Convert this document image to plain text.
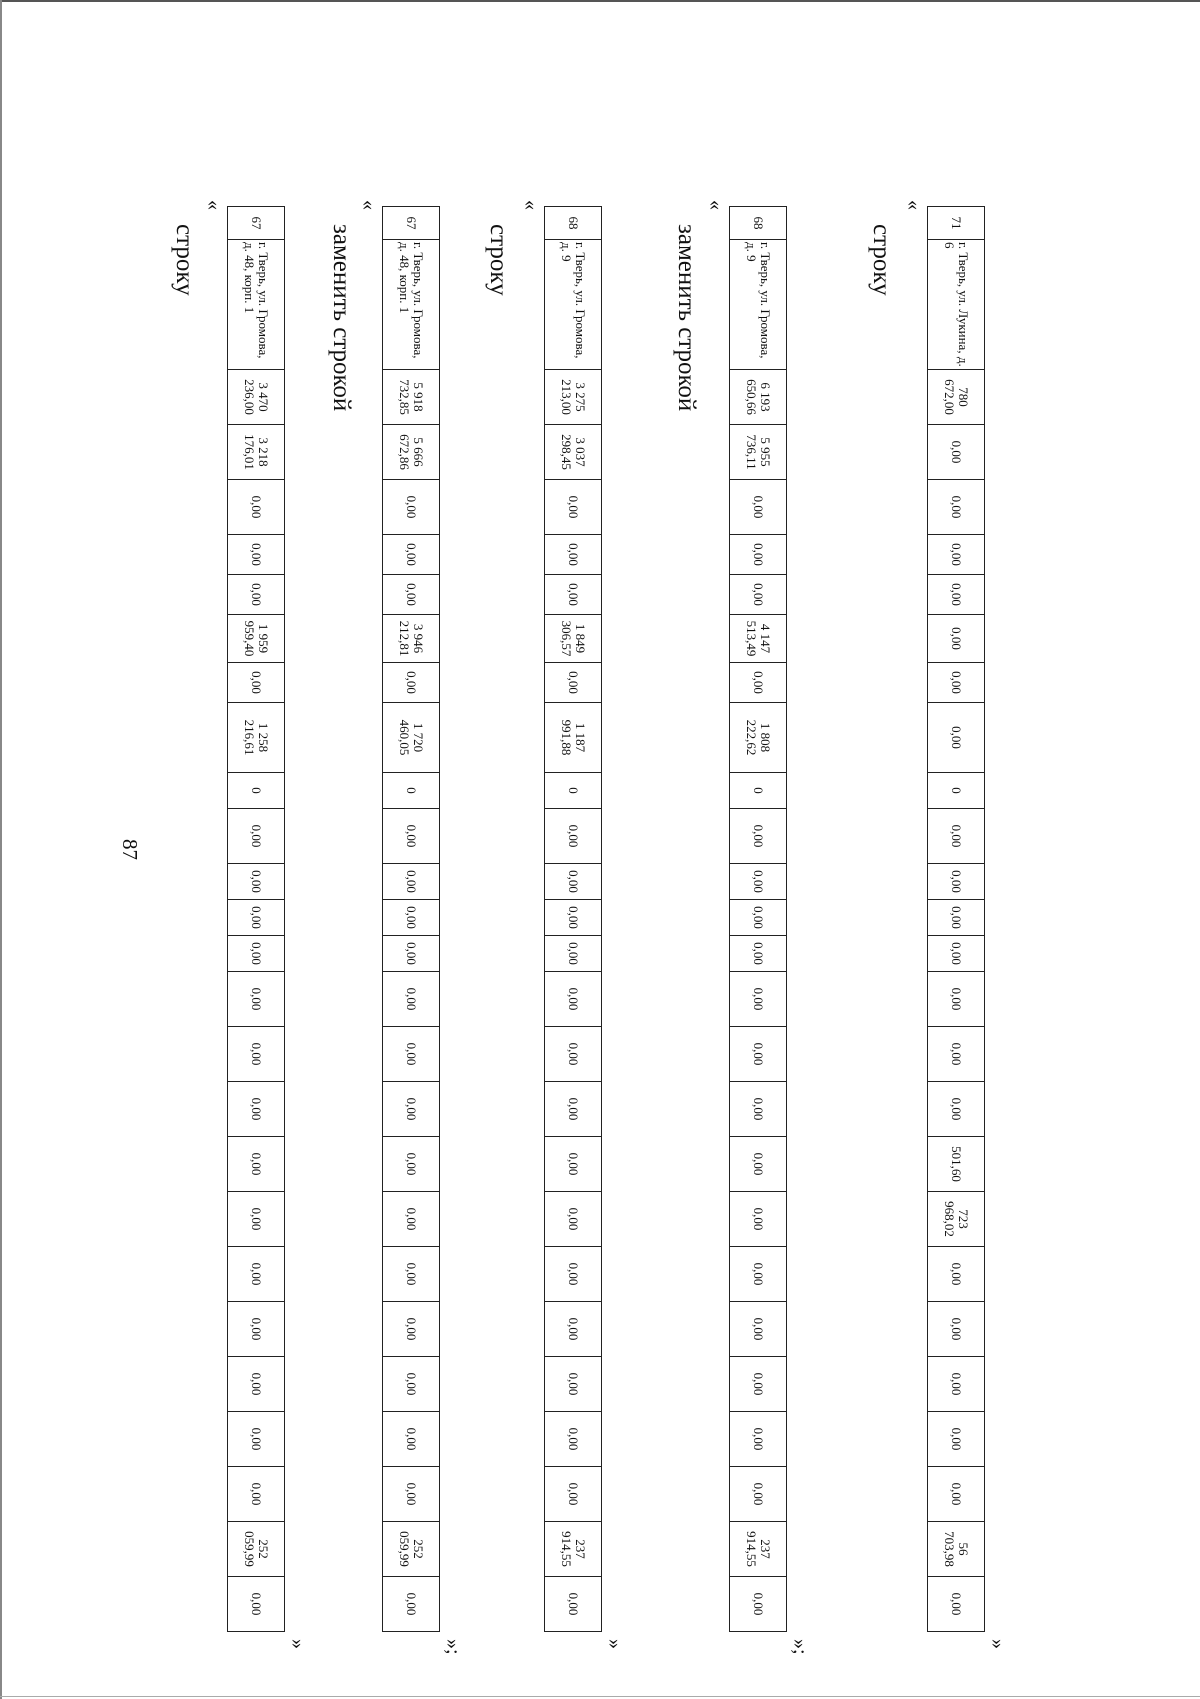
87
строку
«
67	г. Тверь, ул. Громова, д. 48, корп. 1	3 470 236,00	3 218 176,01	0,00	0,00	0,00	1 959 959,40	0,00	1 258 216,61	0	0,00	0,00	0,00	0,00	0,00	0,00	0,00	0,00	0,00	0,00	0,00	0,00	0,00	0,00	252 059,99	0,00
»
заменить строкой
«
67	г. Тверь, ул. Громова, д. 48, корп. 1	5 918 732,85	5 666 672,86	0,00	0,00	0,00	3 946 212,81	0,00	1 720 460,05	0	0,00	0,00	0,00	0,00	0,00	0,00	0,00	0,00	0,00	0,00	0,00	0,00	0,00	0,00	252 059,99	0,00
»;
строку
«
68	г. Тверь, ул. Громова, д. 9	3 275 213,00	3 037 298,45	0,00	0,00	0,00	1 849 306,57	0,00	1 187 991,88	0	0,00	0,00	0,00	0,00	0,00	0,00	0,00	0,00	0,00	0,00	0,00	0,00	0,00	0,00	237 914,55	0,00
»
заменить строкой
«
68	г. Тверь, ул. Громова, д. 9	6 193 650,66	5 955 736,11	0,00	0,00	0,00	4 147 513,49	0,00	1 808 222,62	0	0,00	0,00	0,00	0,00	0,00	0,00	0,00	0,00	0,00	0,00	0,00	0,00	0,00	0,00	237 914,55	0,00
»;
строку
«
71	г. Тверь, ул. Лукина, д. 6	780 672,00	0,00	0,00	0,00	0,00	0,00	0,00	0,00	0	0,00	0,00	0,00	0,00	0,00	0,00	0,00	501,60	723 968,02	0,00	0,00	0,00	0,00	0,00	56 703,98	0,00
»
